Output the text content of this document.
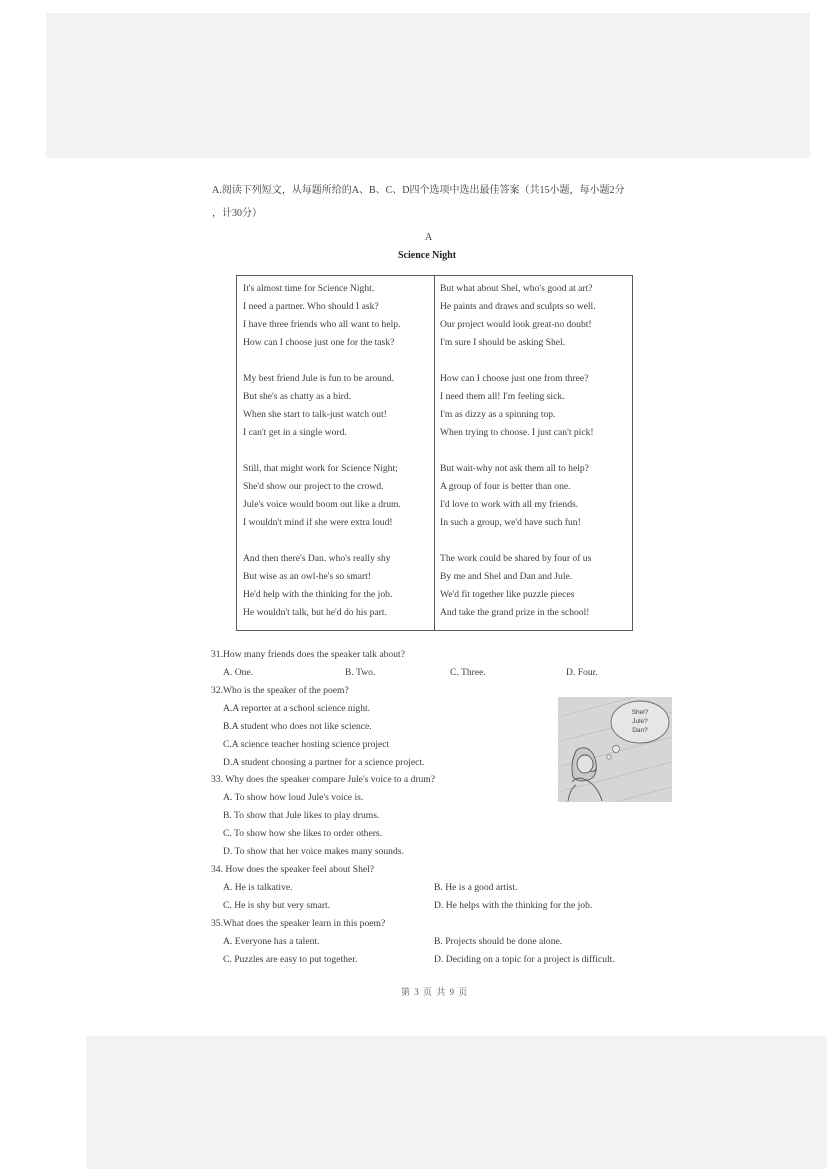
A.阅读下列短文，从每题所给的A、B、C、D四个选项中选出最佳答案（共15小题，每小题2分
，计30分）
A
Science Night
It's almost time for Science Night.
I need a partner. Who should I ask?
I have three friends who all want to help.
How can I choose just one for the task?
My best friend Jule is fun to be around.
But she's as chatty as a bird.
When she start to talk-just watch out!
I can't get in a single word.
Still, that might work for Science Night;
She'd show our project to the crowd.
Jule's voice would boom out like a drum.
I wouldn't mind if she were extra loud!
And then there's Dan. who's really shy
But wise as an owl-he's so smart!
He'd help with the thinking for the job.
He wouldn't talk, but he'd do his part.
But what about Shel, who's good at art?
He paints and draws and sculpts so well.
Our project would look great-no doubt!
I'm sure I should be asking Shel.
How can I choose just one from three?
I need them all! I'm feeling sick.
I'm as dizzy as a spinning top.
When trying to choose. I just can't pick!
But wait-why not ask them all to help?
A group of four is better than one.
I'd love to work with all my friends.
In such a group, we'd have such fun!
The work could be shared by four of us
By me and Shel and Dan and Jule.
We'd fit together like puzzle pieces
And take the grand prize in the school!
31.How many friends does the speaker talk about?
A. One.	B. Two.	C. Three.	D. Four.
32.Who is the speaker of the poem?
A.A reporter at a school science night.
B.A student who does not like science.
C.A science teacher hosting science project
D.A student choosing a partner for a science project.
33. Why does the speaker compare Jule's voice to a drum?
A. To show how loud Jule's voice is.
B. To show that Jule likes to play drums.
C. To show how she likes to order others.
D. To show that her voice makes many sounds.
34. How does the speaker feel about Shel?
A. He is talkative.	B. He is a good artist.
C. He is shy but very smart.	D. He helps with the thinking for the job.
35.What does the speaker learn in this poem?
A. Everyone has a talent.	B. Projects should be done alone.
C. Puzzles are easy to put together.	D. Deciding on a topic for a project is difficult.
Shel?
Jule?
Dan?
第 3 页 共 9 页
